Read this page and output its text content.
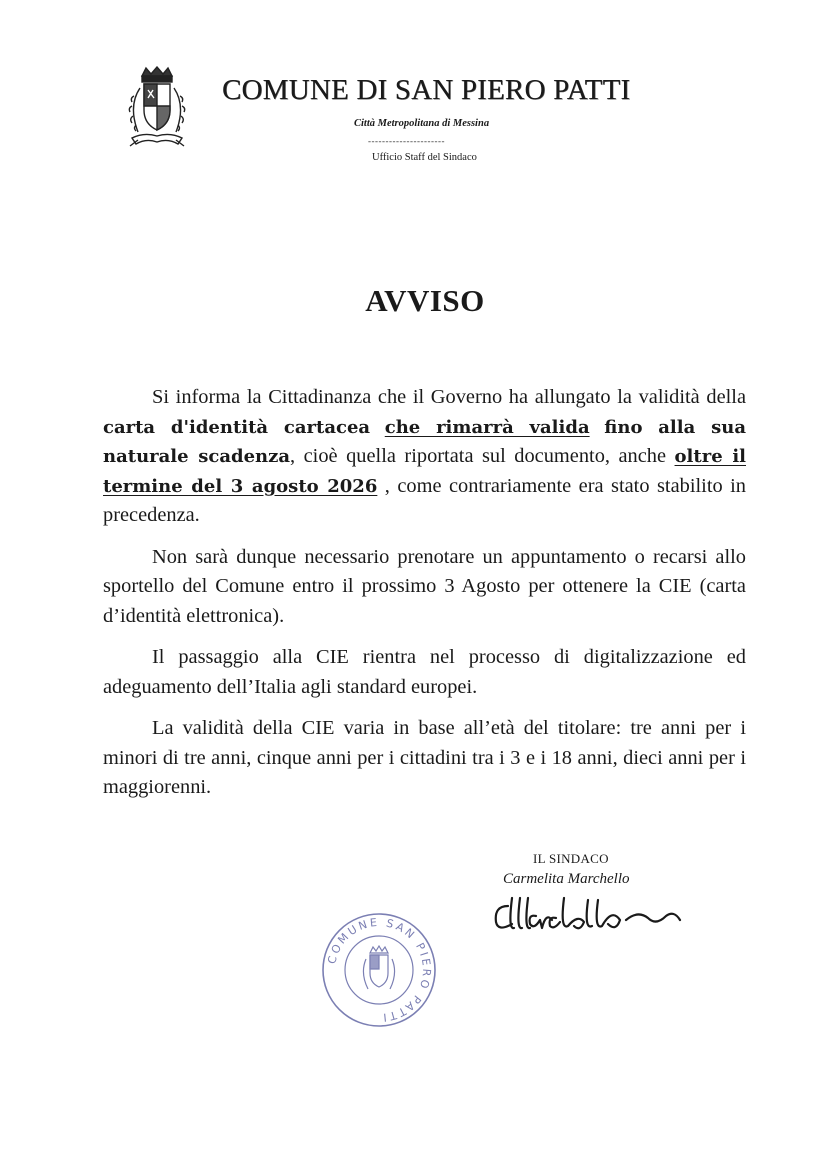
COMUNE DI SAN PIERO PATTI
Città Metropolitana di Messina
----------------------
Ufficio Staff del Sindaco
AVVISO

Si informa la Cittadinanza che il Governo ha allungato la validità della carta d'identità cartacea che rimarrà valida fino alla sua naturale scadenza, cioè quella riportata sul documento, anche oltre il termine del 3 agosto 2026 , come contrariamente era stato stabilito in precedenza.

Non sarà dunque necessario prenotare un appuntamento o recarsi allo sportello del Comune entro il prossimo 3 Agosto per ottenere la CIE (carta d’identità elettronica).

Il passaggio alla CIE rientra nel processo di digitalizzazione ed adeguamento dell’Italia agli standard europei.

La validità della CIE varia in base all’età del titolare: tre anni per i minori di tre anni, cinque anni per i cittadini tra i 3 e i 18 anni, dieci anni per i maggiorenni.

IL SINDACO
Carmelita Marchello
COMUNE SAN PIERO PATTI
